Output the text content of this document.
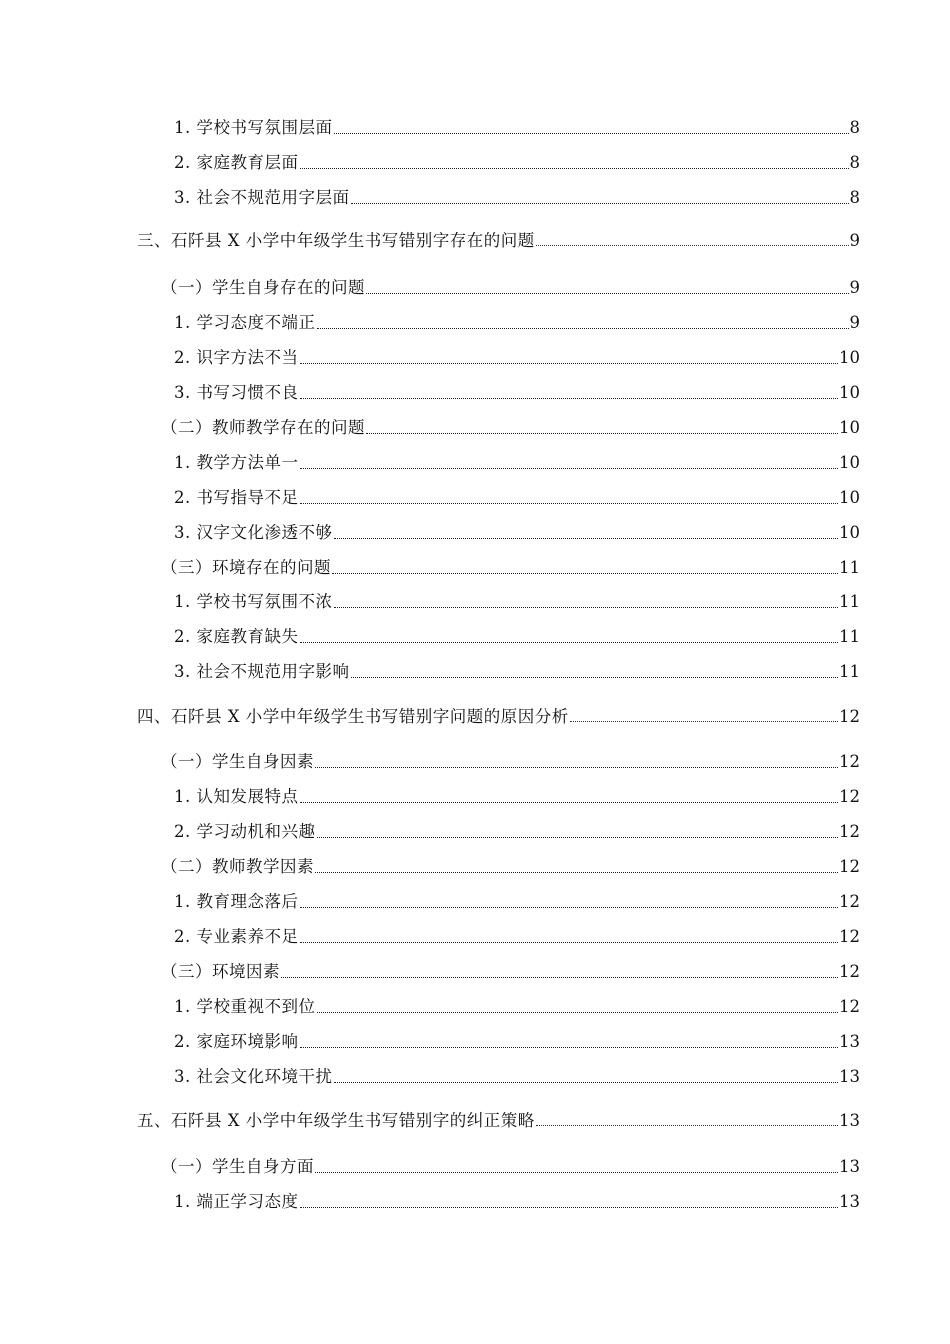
1. 学校书写氛围层面	8
2. 家庭教育层面	8
3. 社会不规范用字层面	8
三、石阡县 X 小学中年级学生书写错别字存在的问题	9
（一）学生自身存在的问题	9
1. 学习态度不端正	9
2. 识字方法不当	10
3. 书写习惯不良	10
（二）教师教学存在的问题	10
1. 教学方法单一	10
2. 书写指导不足	10
3. 汉字文化渗透不够	10
（三）环境存在的问题	11
1. 学校书写氛围不浓	11
2. 家庭教育缺失	11
3. 社会不规范用字影响	11
四、石阡县 X 小学中年级学生书写错别字问题的原因分析	12
（一）学生自身因素	12
1. 认知发展特点	12
2. 学习动机和兴趣	12
（二）教师教学因素	12
1. 教育理念落后	12
2. 专业素养不足	12
（三）环境因素	12
1. 学校重视不到位	12
2. 家庭环境影响	13
3. 社会文化环境干扰	13
五、石阡县 X 小学中年级学生书写错别字的纠正策略	13
（一）学生自身方面	13
1. 端正学习态度	13
